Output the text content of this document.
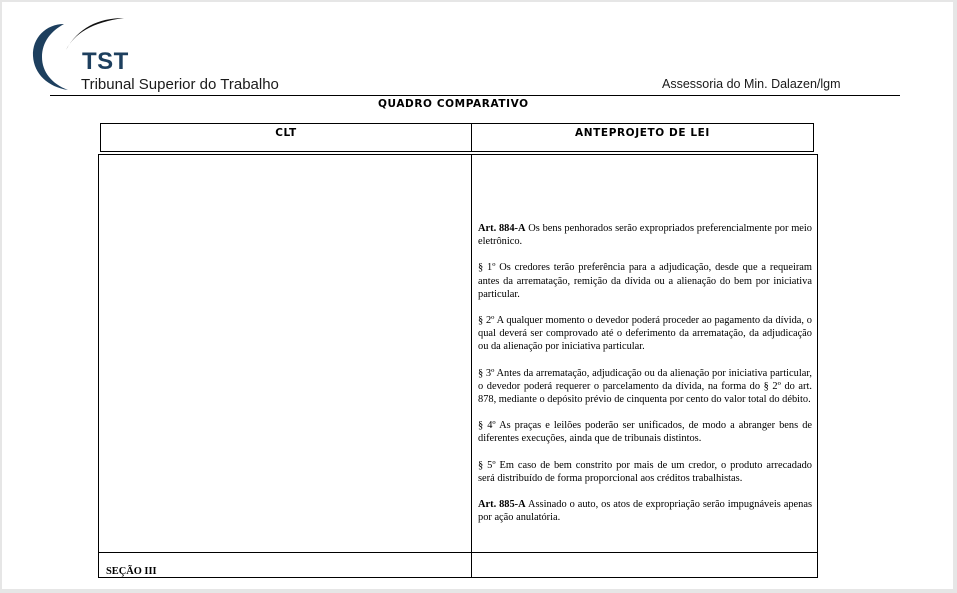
TST
Tribunal Superior do Trabalho	Assessoria do Min. Dalazen/lgm
QUADRO COMPARATIVO
CLT	ANTEPROJETO DE LEI

Art. 884-A Os bens penhorados serão expropriados preferencialmente por meio eletrônico.

§ 1º Os credores terão preferência para a adjudicação, desde que a requeiram antes da arrematação, remição da dívida ou a alienação do bem por iniciativa particular.

§ 2º A qualquer momento o devedor poderá proceder ao pagamento da dívida, o qual deverá ser comprovado até o deferimento da arrematação, da adjudicação ou da alienação por iniciativa particular.

§ 3º Antes da arrematação, adjudicação ou da alienação por iniciativa particular, o devedor poderá requerer o parcelamento da dívida, na forma do § 2º do art. 878, mediante o depósito prévio de cinquenta por cento do valor total do débito.

§ 4º As praças e leilões poderão ser unificados, de modo a abranger bens de diferentes execuções, ainda que de tribunais distintos.

§ 5º Em caso de bem constrito por mais de um credor, o produto arrecadado será distribuído de forma proporcional aos créditos trabalhistas.

Art. 885-A Assinado o auto, os atos de expropriação serão impugnáveis apenas por ação anulatória.

SEÇÃO III
